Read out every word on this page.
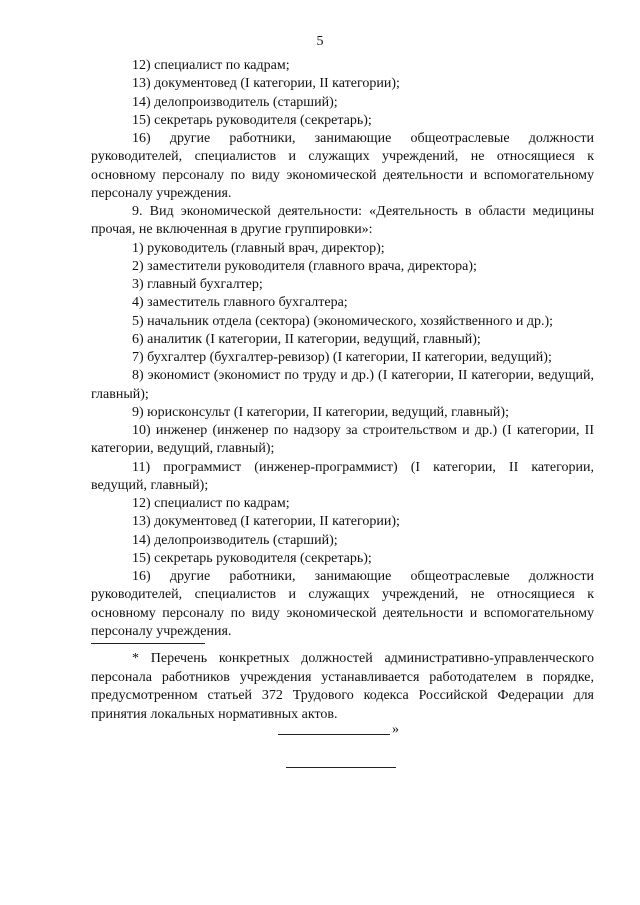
5

12) специалист по кадрам;

13) документовед (I категории, II категории);

14) делопроизводитель (старший);

15) секретарь руководителя (секретарь);

16) другие работники, занимающие общеотраслевые должности руководителей, специалистов и служащих учреждений, не относящиеся к основному персоналу по виду экономической деятельности и вспомогательному персоналу учреждения.

9. Вид экономической деятельности: «Деятельность в области медицины прочая, не включенная в другие группировки»:

1) руководитель (главный врач, директор);

2) заместители руководителя (главного врача, директора);

3) главный бухгалтер;

4) заместитель главного бухгалтера;

5) начальник отдела (сектора) (экономического, хозяйственного и др.);

6) аналитик (I категории, II категории, ведущий, главный);

7) бухгалтер (бухгалтер-ревизор) (I категории, II категории, ведущий);

8) экономист (экономист по труду и др.) (I категории, II категории, ведущий, главный);

9) юрисконсульт (I категории, II категории, ведущий, главный);

10) инженер (инженер по надзору за строительством и др.) (I категории, II категории, ведущий, главный);

11) программист (инженер-программист) (I категории, II категории, ведущий, главный);

12) специалист по кадрам;

13) документовед (I категории, II категории);

14) делопроизводитель (старший);

15) секретарь руководителя (секретарь);

16) другие работники, занимающие общеотраслевые должности руководителей, специалистов и служащих учреждений, не относящиеся к основному персоналу по виду экономической деятельности и вспомогательному персоналу учреждения.

* Перечень конкретных должностей административно-управленческого персонала работников учреждения устанавливается работодателем в порядке, предусмотренном статьей 372 Трудового кодекса Российской Федерации для принятия локальных нормативных актов.

»
